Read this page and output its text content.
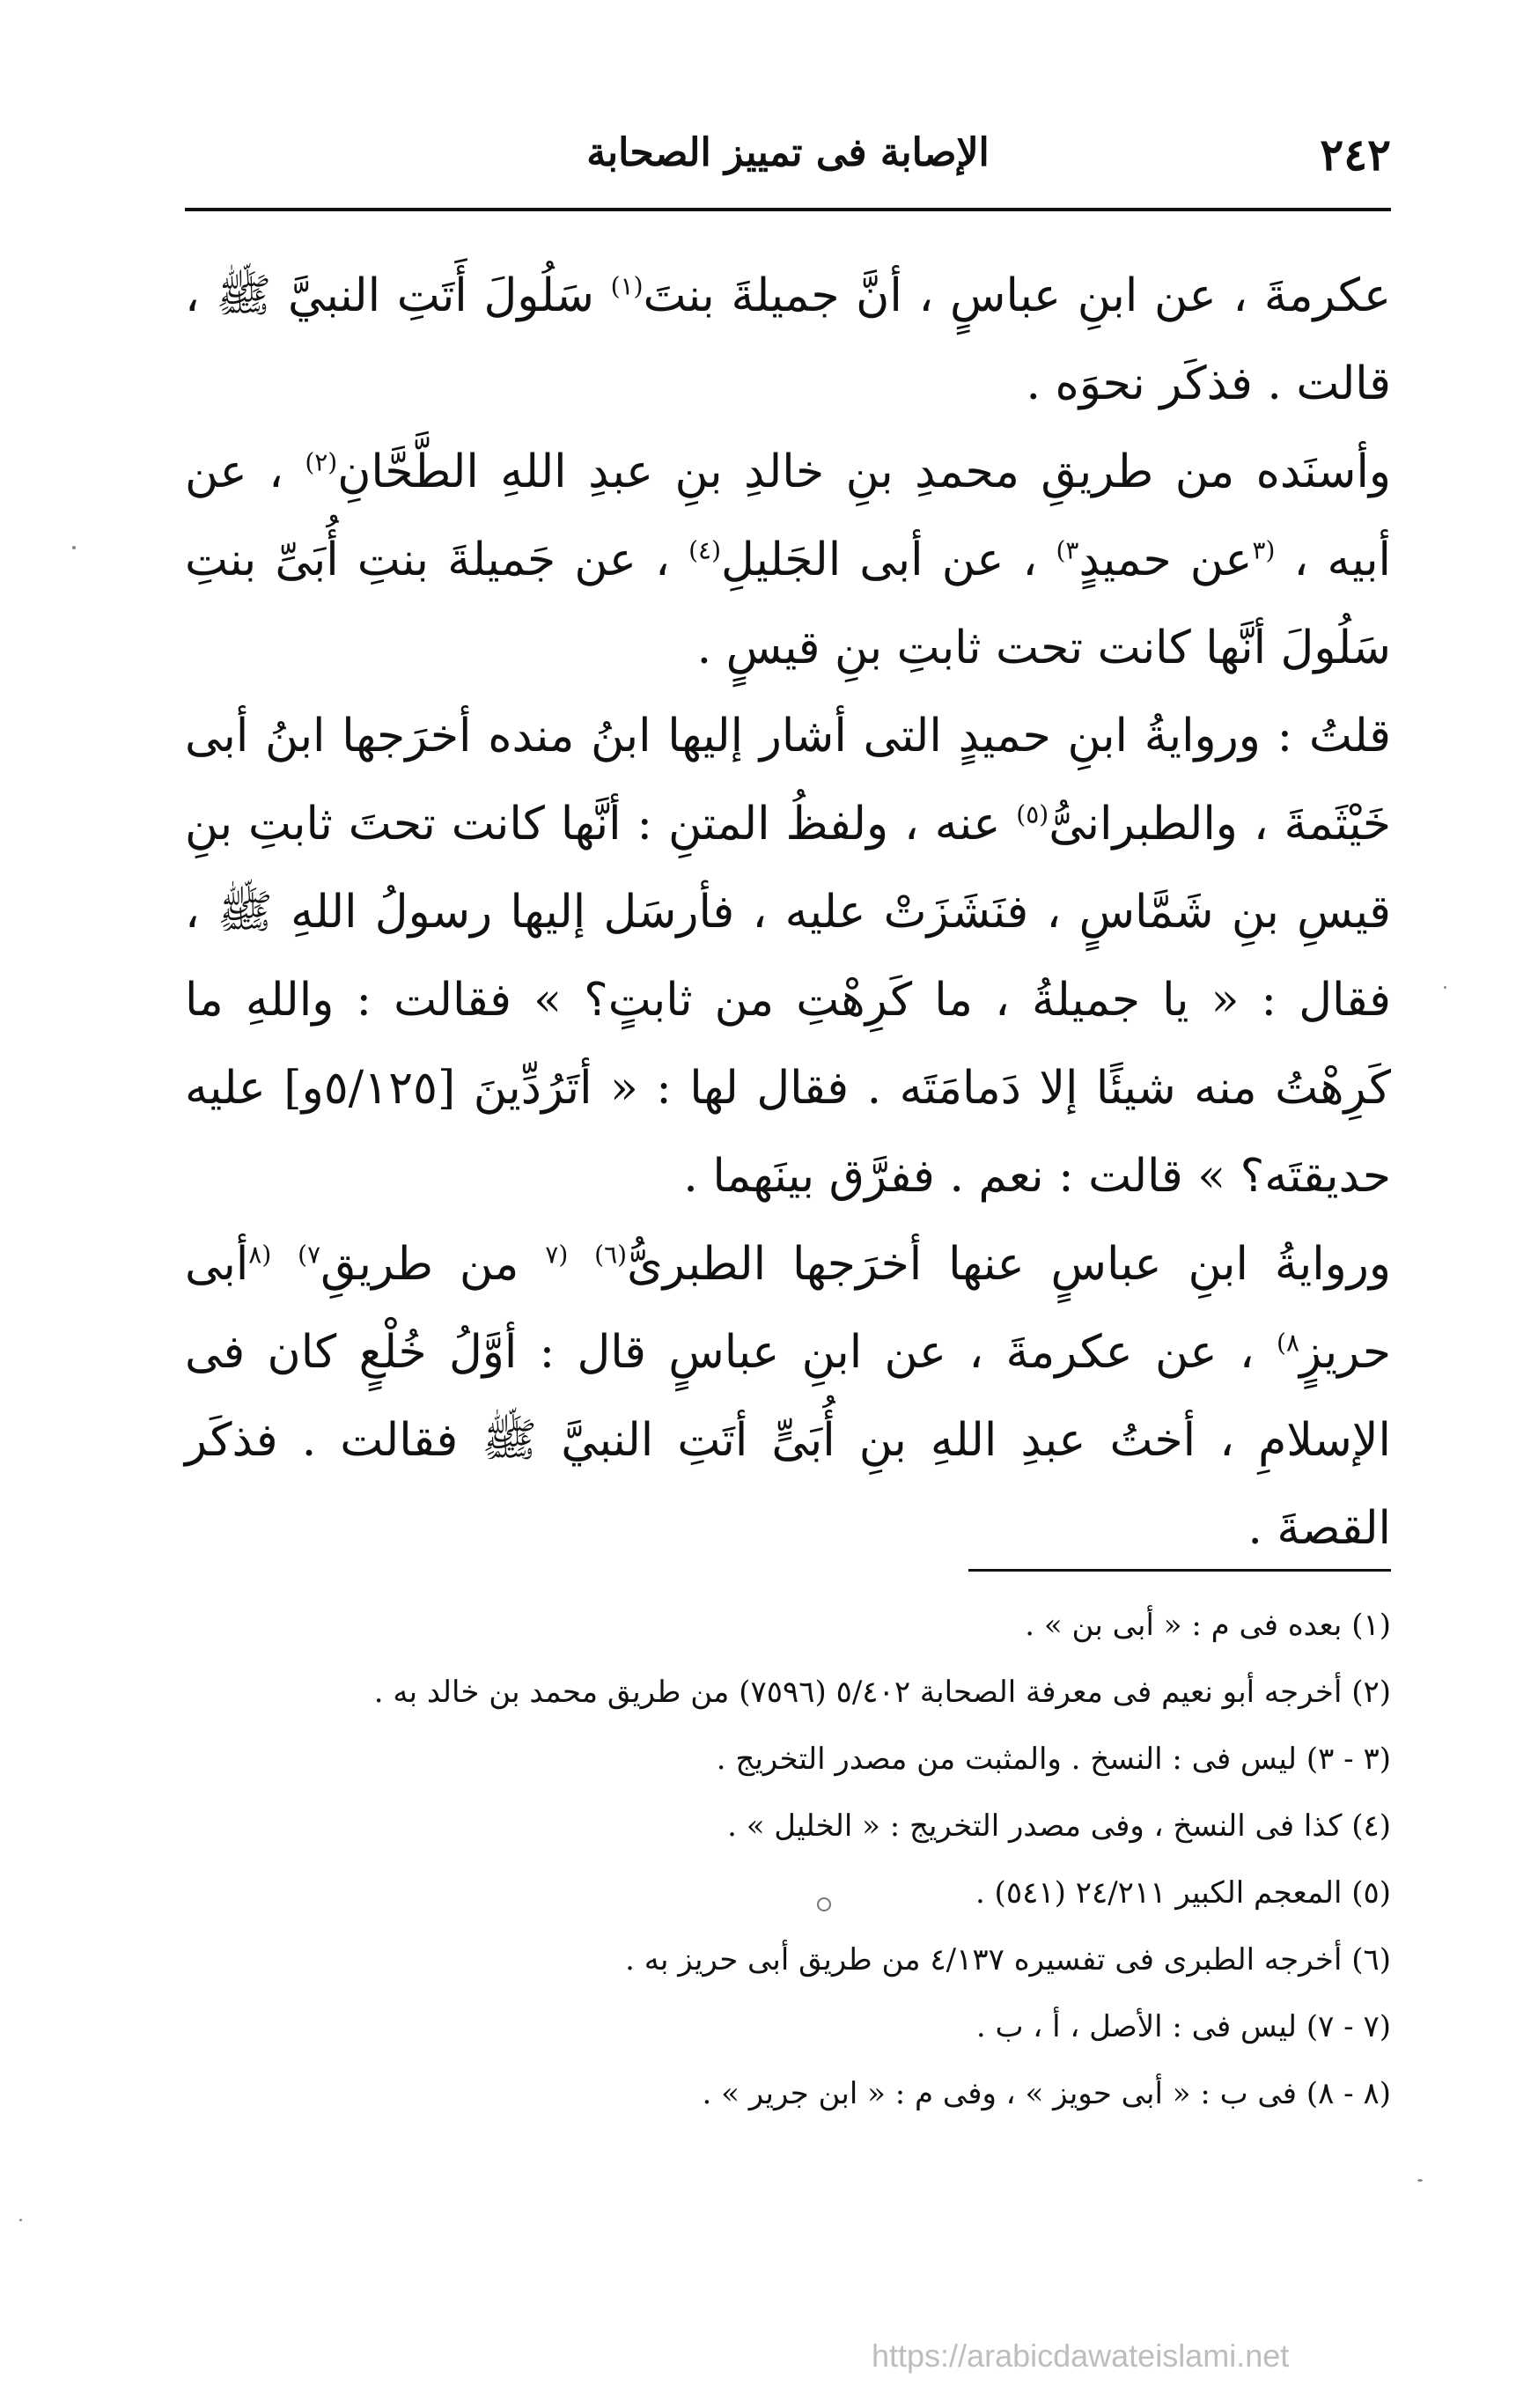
٢٤٢
الإصابة فى تمييز الصحابة

عكرمةَ ، عن ابنِ عباسٍ ، أنَّ جميلةَ بنتَ$^{(١)}$ سَلُولَ أَتَتِ النبيَّ ﷺ ، قالت . فذكَر نحوَه .

وأسنَده من طريقِ محمدِ بنِ خالدِ بنِ عبدِ اللهِ الطَّحَّانِ$^{(٢)}$ ، عن أبيه ، $^{(٣}$عن حميدٍ$^{٣)}$ ، عن أبى الجَليلِ$^{(٤)}$ ، عن جَميلةَ بنتِ أُبَىِّ بنتِ سَلُولَ أنَّها كانت تحت ثابتِ بنِ قيسٍ .

قلتُ : وروايةُ ابنِ حميدٍ التى أشار إليها ابنُ منده أخرَجها ابنُ أبى خَيْثَمةَ ، والطبرانىُّ$^{(٥)}$ عنه ، ولفظُ المتنِ : أنَّها كانت تحتَ ثابتِ بنِ قيسِ بنِ شَمَّاسٍ ، فنَشَزَتْ عليه ، فأرسَل إليها رسولُ اللهِ ﷺ ، فقال : « يا جميلةُ ، ما كَرِهْتِ من ثابتٍ؟ » فقالت : واللهِ ما كَرِهْتُ منه شيئًا إلا دَمامَتَه . فقال لها : « أتَرُدِّينَ [٥/١٢٥و] عليه حديقتَه؟ » قالت : نعم . ففرَّق بينَهما .

وروايةُ ابنِ عباسٍ عنها أخرَجها الطبرىُّ$^{(٦)}$ $^{(٧}$ من طريقِ$^{٧)}$ $^{(٨}$أبى حريزٍ$^{٨)}$ ، عن عكرمةَ ، عن ابنِ عباسٍ قال : أوَّلُ خُلْعٍ كان فى الإسلامِ ، أختُ عبدِ اللهِ بنِ أُبَىٍّ أتَتِ النبيَّ ﷺ فقالت . فذكَر القصةَ .

(١) بعده فى م : « أبى بن » .

(٢) أخرجه أبو نعيم فى معرفة الصحابة ٥/٤٠٢ (٧٥٩٦) من طريق محمد بن خالد به .

(٣ - ٣) ليس فى : النسخ . والمثبت من مصدر التخريج .

(٤) كذا فى النسخ ، وفى مصدر التخريج : « الخليل » .

(٥) المعجم الكبير ٢٤/٢١١ (٥٤١) .

(٦) أخرجه الطبرى فى تفسيره ٤/١٣٧ من طريق أبى حريز به .

(٧ - ٧) ليس فى : الأصل ، أ ، ب .

(٨ - ٨) فى ب : « أبى حويز » ، وفى م : « ابن جرير » .

https://arabicdawateislami.net
